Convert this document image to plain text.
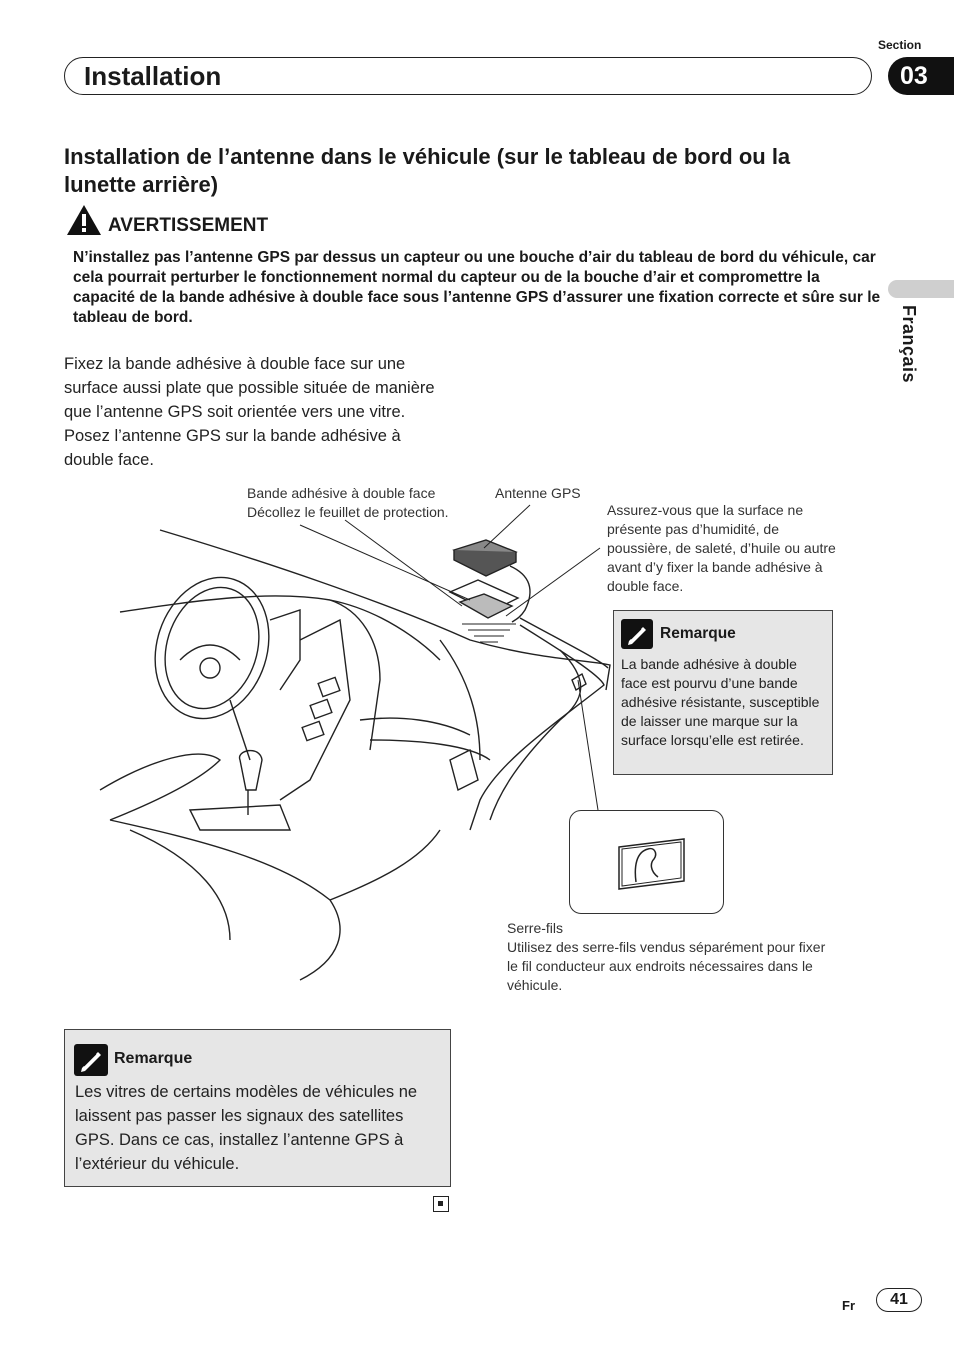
Section
Installation	03
Français
Installation de l’antenne dans le véhicule (sur le tableau de bord ou la lunette arrière)
AVERTISSEMENT
N’installez pas l’antenne GPS par dessus un capteur ou une bouche d’air du tableau de bord du véhicule, car cela pourrait perturber le fonctionnement normal du capteur ou de la bouche d’air et compromettre la capacité de la bande adhésive à double face sous l’antenne GPS d’assurer une fixation correcte et sûre sur le tableau de bord.
Fixez la bande adhésive à double face sur une surface aussi plate que possible située de manière que l’antenne GPS soit orientée vers une vitre. Posez l’antenne GPS sur la bande adhésive à double face.
Bande adhésive à double face
Décollez le feuillet de protection.
Antenne GPS
Assurez-vous que la surface ne présente pas d’humidité, de poussière, de saleté, d’huile ou autre avant d’y fixer la bande adhésive à double face.
Remarque
La bande adhésive à double face est pourvu d’une bande adhésive résistante, susceptible de laisser une marque sur la surface lorsqu’elle est retirée.
Serre-fils
Utilisez des serre-fils vendus séparément pour fixer le fil conducteur aux endroits nécessaires dans le véhicule.
Remarque
Les vitres de certains modèles de véhicules ne laissent pas passer les signaux des satellites GPS. Dans ce cas, installez l’antenne GPS à l’extérieur du véhicule.
Fr	41
